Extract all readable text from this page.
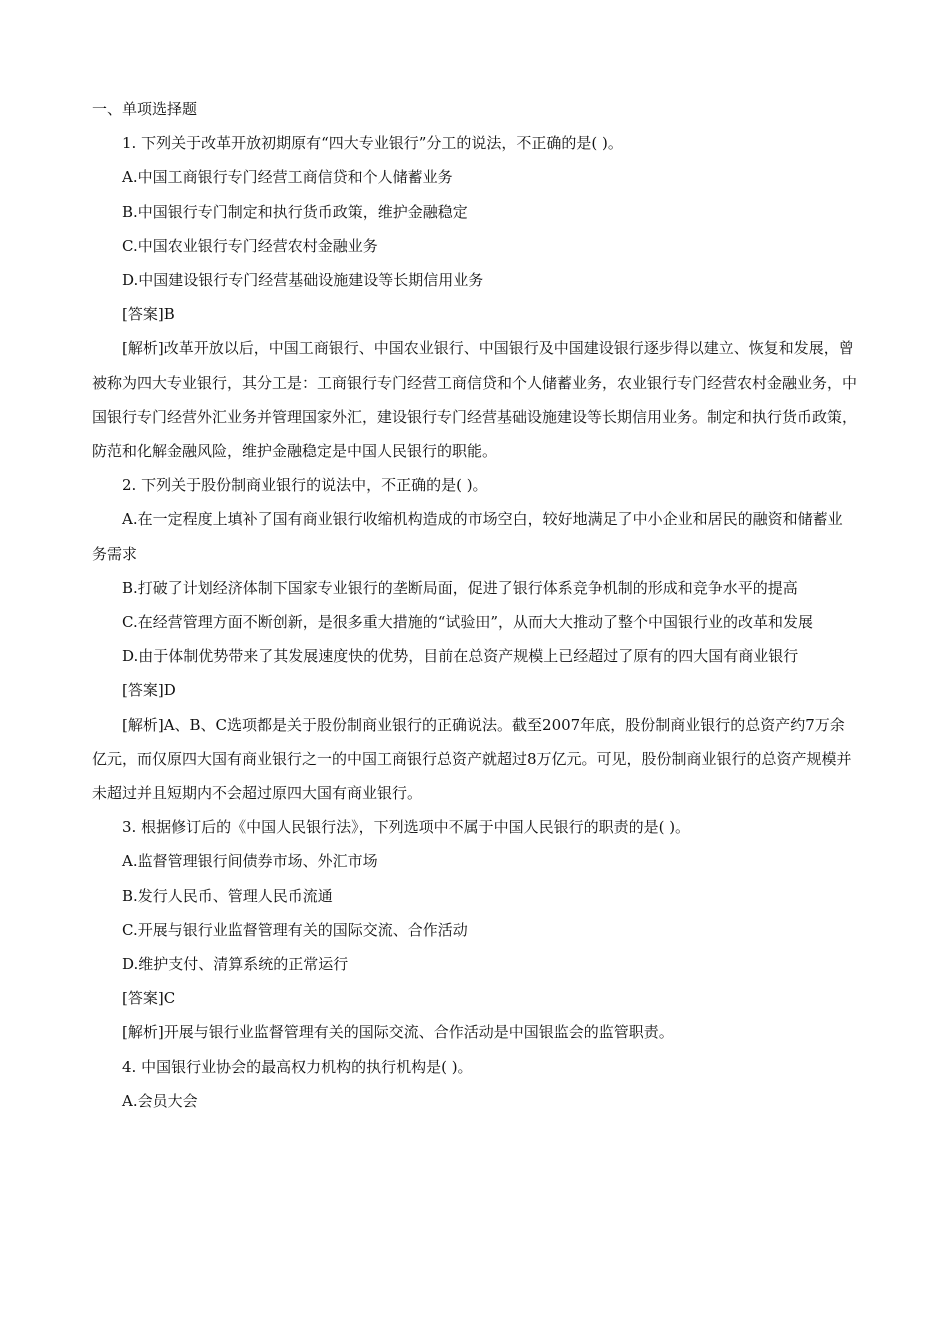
一、单项选择题
1. 下列关于改革开放初期原有“四大专业银行”分工的说法，不正确的是( )。
A.中国工商银行专门经营工商信贷和个人储蓄业务
B.中国银行专门制定和执行货币政策，维护金融稳定
C.中国农业银行专门经营农村金融业务
D.中国建设银行专门经营基础设施建设等长期信用业务
[答案]B
[解析]改革开放以后，中国工商银行、中国农业银行、中国银行及中国建设银行逐步得以建立、恢复和发展，曾被称为四大专业银行，其分工是：工商银行专门经营工商信贷和个人储蓄业务，农业银行专门经营农村金融业务，中国银行专门经营外汇业务并管理国家外汇，建设银行专门经营基础设施建设等长期信用业务。制定和执行货币政策，防范和化解金融风险，维护金融稳定是中国人民银行的职能。
2. 下列关于股份制商业银行的说法中，不正确的是( )。
A.在一定程度上填补了国有商业银行收缩机构造成的市场空白，较好地满足了中小企业和居民的融资和储蓄业务需求
B.打破了计划经济体制下国家专业银行的垄断局面，促进了银行体系竞争机制的形成和竞争水平的提高
C.在经营管理方面不断创新，是很多重大措施的“试验田”，从而大大推动了整个中国银行业的改革和发展
D.由于体制优势带来了其发展速度快的优势，目前在总资产规模上已经超过了原有的四大国有商业银行
[答案]D
[解析]A、B、C选项都是关于股份制商业银行的正确说法。截至2007年底，股份制商业银行的总资产约7万余亿元，而仅原四大国有商业银行之一的中国工商银行总资产就超过8万亿元。可见，股份制商业银行的总资产规模并未超过并且短期内不会超过原四大国有商业银行。
3. 根据修订后的《中国人民银行法》，下列选项中不属于中国人民银行的职责的是( )。
A.监督管理银行间债券市场、外汇市场
B.发行人民币、管理人民币流通
C.开展与银行业监督管理有关的国际交流、合作活动
D.维护支付、清算系统的正常运行
[答案]C
[解析]开展与银行业监督管理有关的国际交流、合作活动是中国银监会的监管职责。
4. 中国银行业协会的最高权力机构的执行机构是( )。
A.会员大会
